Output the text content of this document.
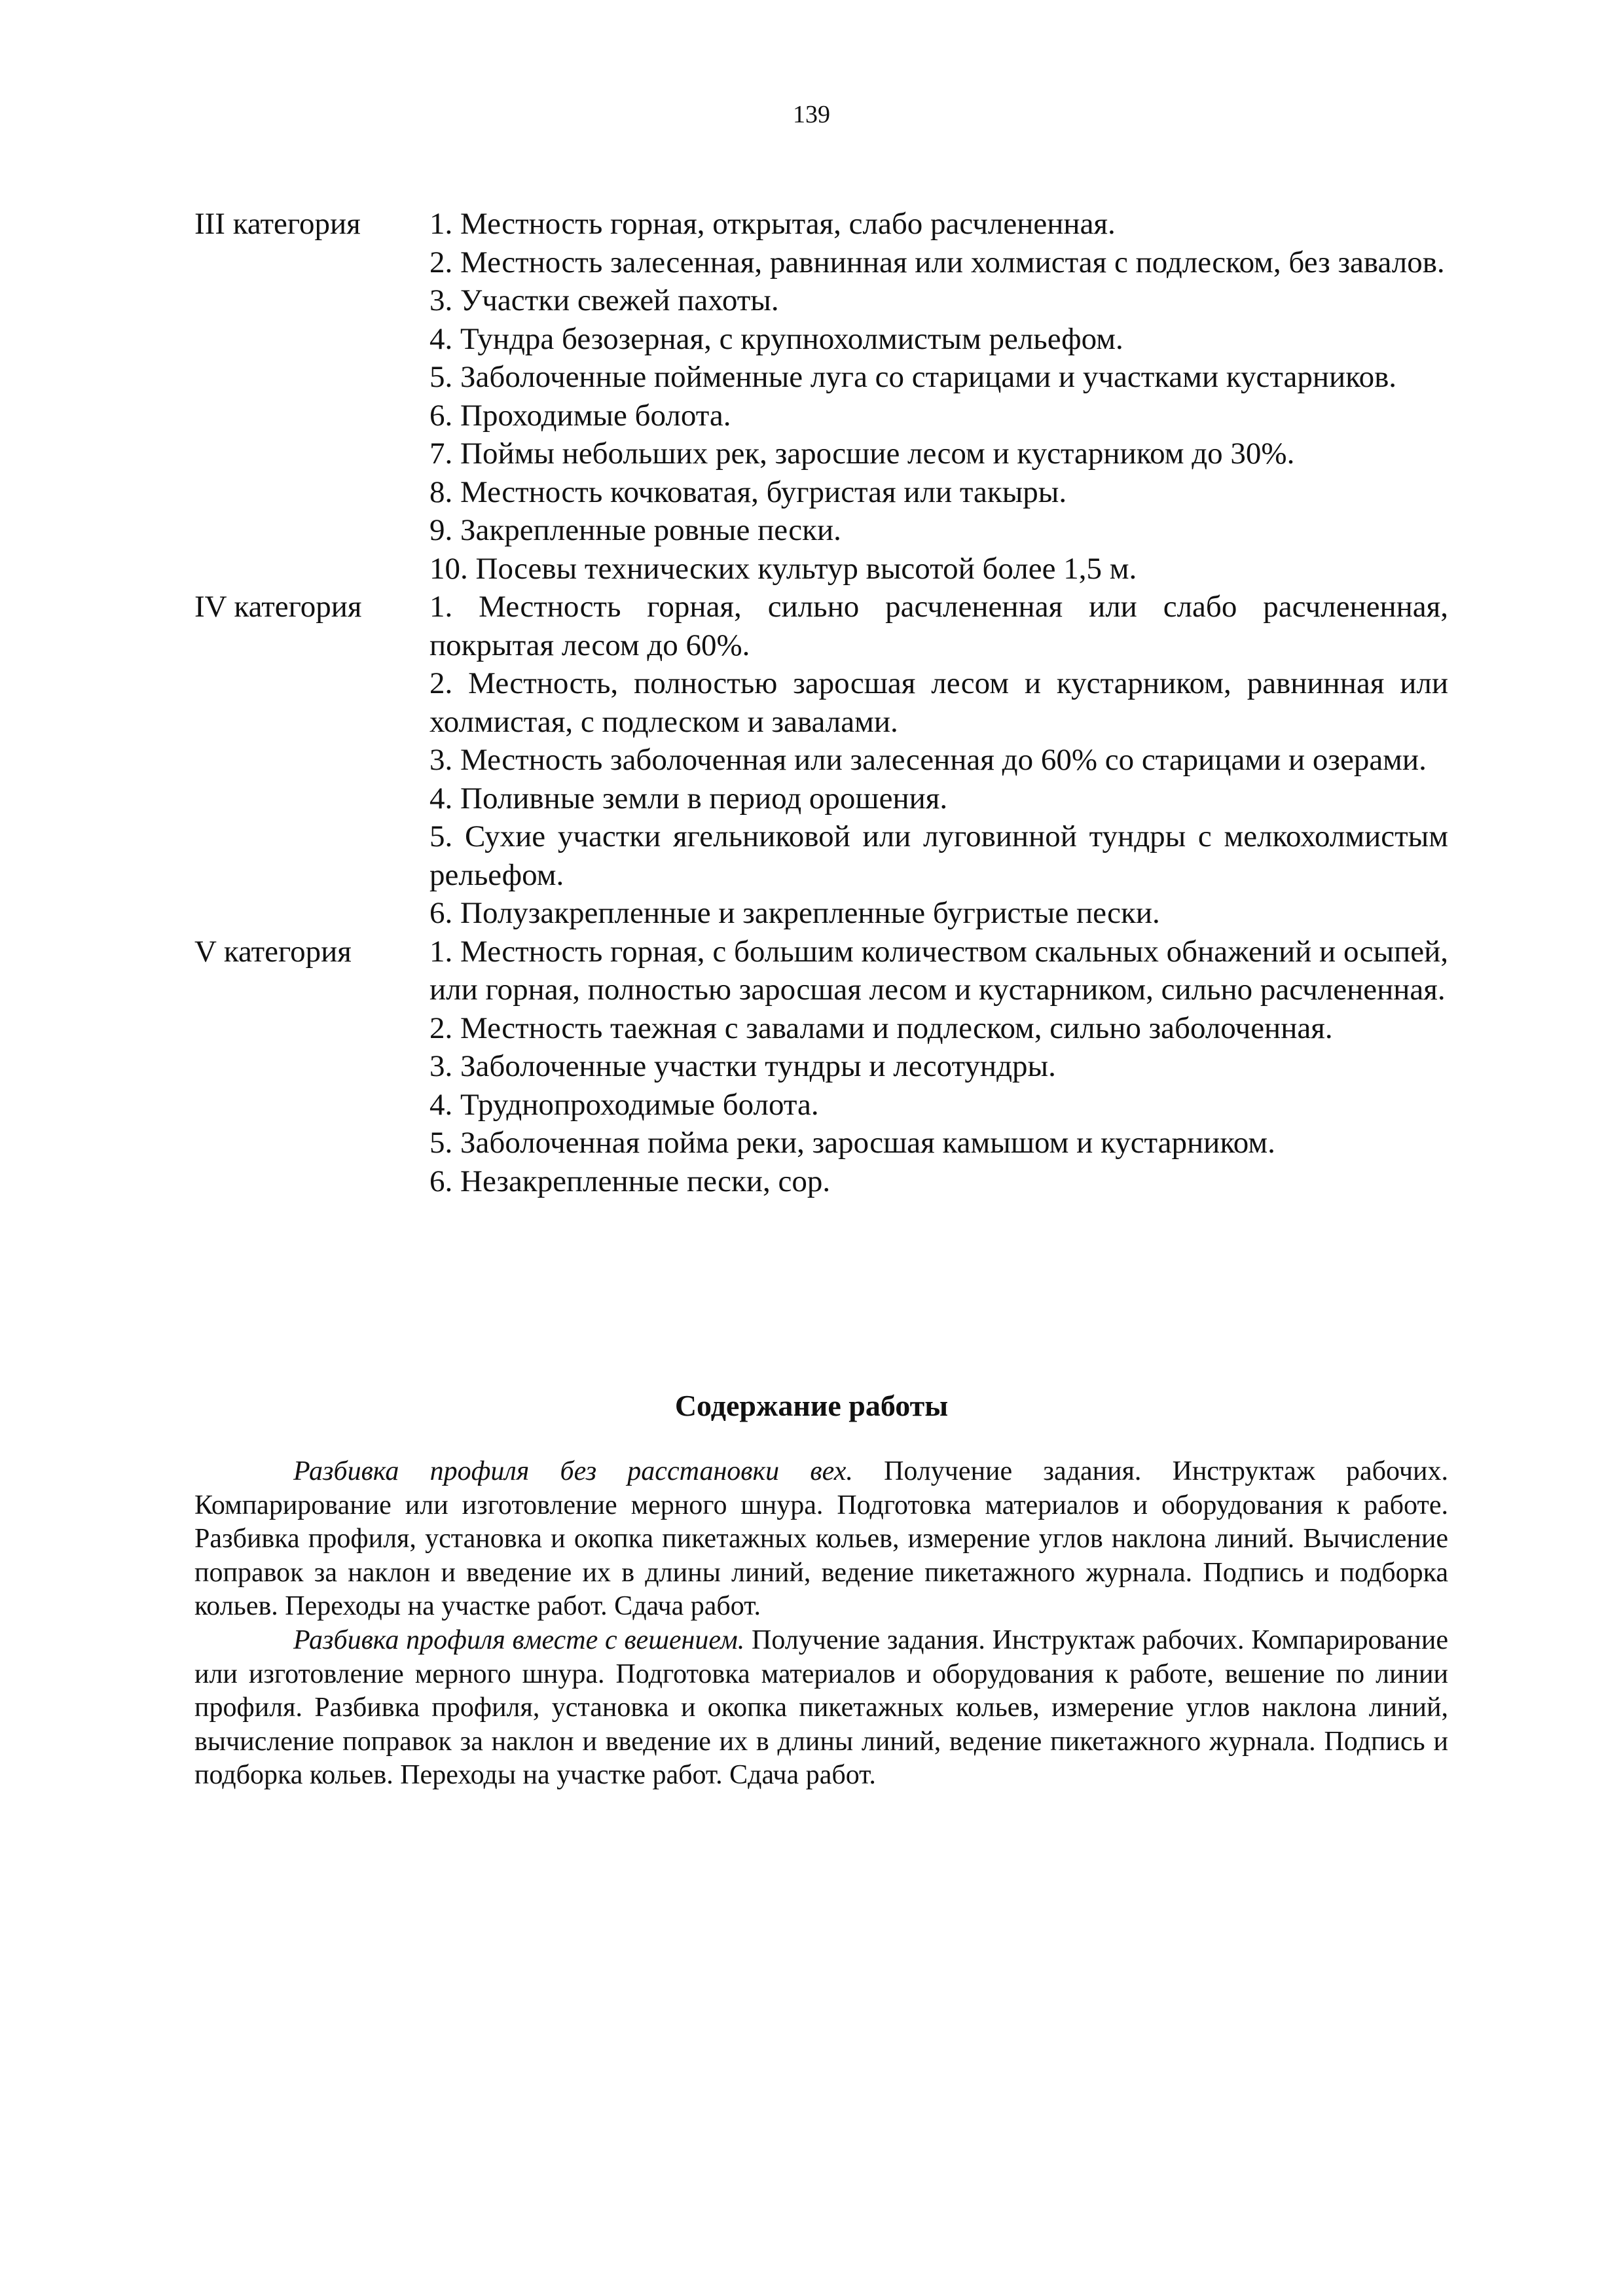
139
III категория	1. Местность горная, открытая, слабо расчлененная.
2. Местность залесенная, равнинная или холмистая с подлеском, без завалов.
3. Участки свежей пахоты.
4. Тундра безозерная, с крупнохолмистым рельефом.
5. Заболоченные пойменные луга со старицами и участками кустарников.
6. Проходимые болота.
7. Поймы небольших рек, заросшие лесом и кустарником до 30%.
8. Местность кочковатая, бугристая или такыры.
9. Закрепленные ровные пески.
10. Посевы технических культур высотой более 1,5 м.
IV категория	1. Местность горная, сильно расчлененная или слабо расчлененная, покрытая лесом до 60%.
2. Местность, полностью заросшая лесом и кустарником, равнинная или холмистая, с подлеском и завалами.
3. Местность заболоченная или залесенная до 60% со старицами и озерами.
4. Поливные земли в период орошения.
5. Сухие участки ягельниковой или луговинной тундры с мелкохолмистым рельефом.
6. Полузакрепленные и закрепленные бугристые пески.
V категория	1. Местность горная, с большим количеством скальных обнажений и осыпей, или горная, полностью заросшая лесом и кустарником, сильно расчлененная.
2. Местность таежная с завалами и подлеском, сильно заболоченная.
3. Заболоченные участки тундры и лесотундры.
4. Труднопроходимые болота.
5. Заболоченная пойма реки, заросшая камышом и кустарником.
6. Незакрепленные пески, сор.
Содержание работы

Разбивка профиля без расстановки вех. Получение задания. Инструктаж рабочих. Компарирование или изготовление мерного шнура. Подготовка материалов и оборудования к работе. Разбивка профиля, установка и окопка пикетажных кольев, измерение углов наклона линий. Вычисление поправок за наклон и введение их в длины линий, ведение пикетажного журнала. Подпись и подборка кольев. Переходы на участке работ. Сдача работ.

Разбивка профиля вместе с вешением. Получение задания. Инструктаж рабочих. Компарирование или изготовление мерного шнура. Подготовка материалов и оборудования к работе, вешение по линии профиля. Разбивка профиля, установка и окопка пикетажных кольев, измерение углов наклона линий, вычисление поправок за наклон и введение их в длины линий, ведение пикетажного журнала. Подпись и подборка кольев. Переходы на участке работ. Сдача работ.
